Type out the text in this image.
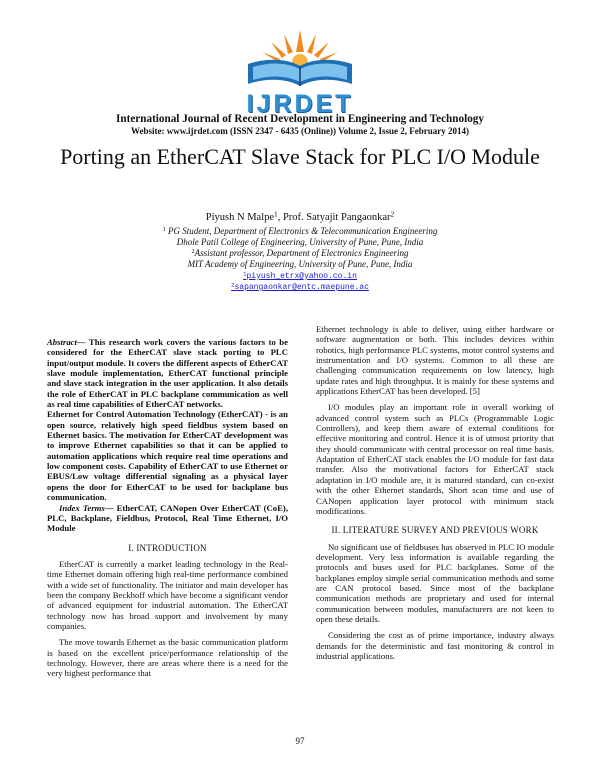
IJRDET
International Journal of Recent Development in Engineering and Technology
Website: www.ijrdet.com (ISSN 2347 - 6435 (Online)) Volume 2, Issue 2, February 2014)
Porting an EtherCAT Slave Stack for PLC I/O Module
Piyush N Malpe$^1$, Prof. Satyajit Pangaonkar$^2$
$^1$ PG Student, Department of Electronics & Telecommunication Engineering
Dhole Patil College of Engineering, University of Pune, Pune, India
$^2$Assistant professor, Department of Electronics Engineering
MIT Academy of Engineering, University of Pune, Pune, India
$^1$piyush_etrx@yahoo.co.in
$^2$sapangaonkar@entc.maepune.ac

Abstract— This research work covers the various factors to be considered for the EtherCAT slave stack porting to PLC input/output module. It covers the different aspects of EtherCAT slave module implementation, EtherCAT functional principle and slave stack integration in the user application. It also details the role of EtherCAT in PLC backplane communication as well as real time capabilities of EtherCAT networks.

Ethernet for Control Automation Technology (EtherCAT) - is an open source, relatively high speed fieldbus system based on Ethernet basics. The motivation for EtherCAT development was to improve Ethernet capabilities so that it can be applied to automation applications which require real time operations and low component costs. Capability of EtherCAT to use Ethernet or EBUS/Low voltage differential signaling as a physical layer opens the door for EtherCAT to be used for backplane bus communication.

Index Terms— EtherCAT, CANopen Over EtherCAT (CoE), PLC, Backplane, Fieldbus, Protocol, Real Time Ethernet, I/O Module

I. INTRODUCTION

EtherCAT is currently a market leading technology in the Real-time Ethernet domain offering high real-time performance combined with a wide set of functionality. The initiator and main developer has been the company Beckhoff which have become a significant vendor of advanced equipment for industrial automation. The EtherCAT technology now has broad support and involvement by many companies.

The move towards Ethernet as the basic communication platform is based on the excellent price/performance relationship of the technology. However, there are areas where there is a need for the very highest performance that

Ethernet technology is able to deliver, using either hardware or software augmentation or both. This includes devices within robotics, high performance PLC systems, motor control systems and instrumentation and I/O systems. Common to all these are challenging communication requirements on low latency, high update rates and high throughput. It is mainly for these systems and applications EtherCAT has been developed. [5]

I/O modules play an important role in overall working of advanced control system such as PLCs (Programmable Logic Controllers), and keep them aware of external conditions for effective monitoring and control. Hence it is of utmost priority that they should communicate with central processor on real time basis. Adaptation of EtherCAT stack enables the I/O module for fast data transfer. Also the motivational factors for EtherCAT stack adaptation in I/O module are, it is matured standard, can co-exist with the other Ethernet standards, Short scan time and use of CANopen application layer protocol with minimum stack modifications.

II. LITERATURE SURVEY AND PREVIOUS WORK

No significant use of fieldbuses has observed in PLC IO module development. Very less information is available regarding the protocols and buses used for PLC backplanes. Some of the backplanes employ simple serial communication methods and some are CAN protocol based. Since most of the backplane communication methods are proprietary and used for internal communication between modules, manufacturers are not keen to open these details.

Considering the cost as of prime importance, industry always demands for the deterministic and fast monitoring & control in industrial applications.

97
